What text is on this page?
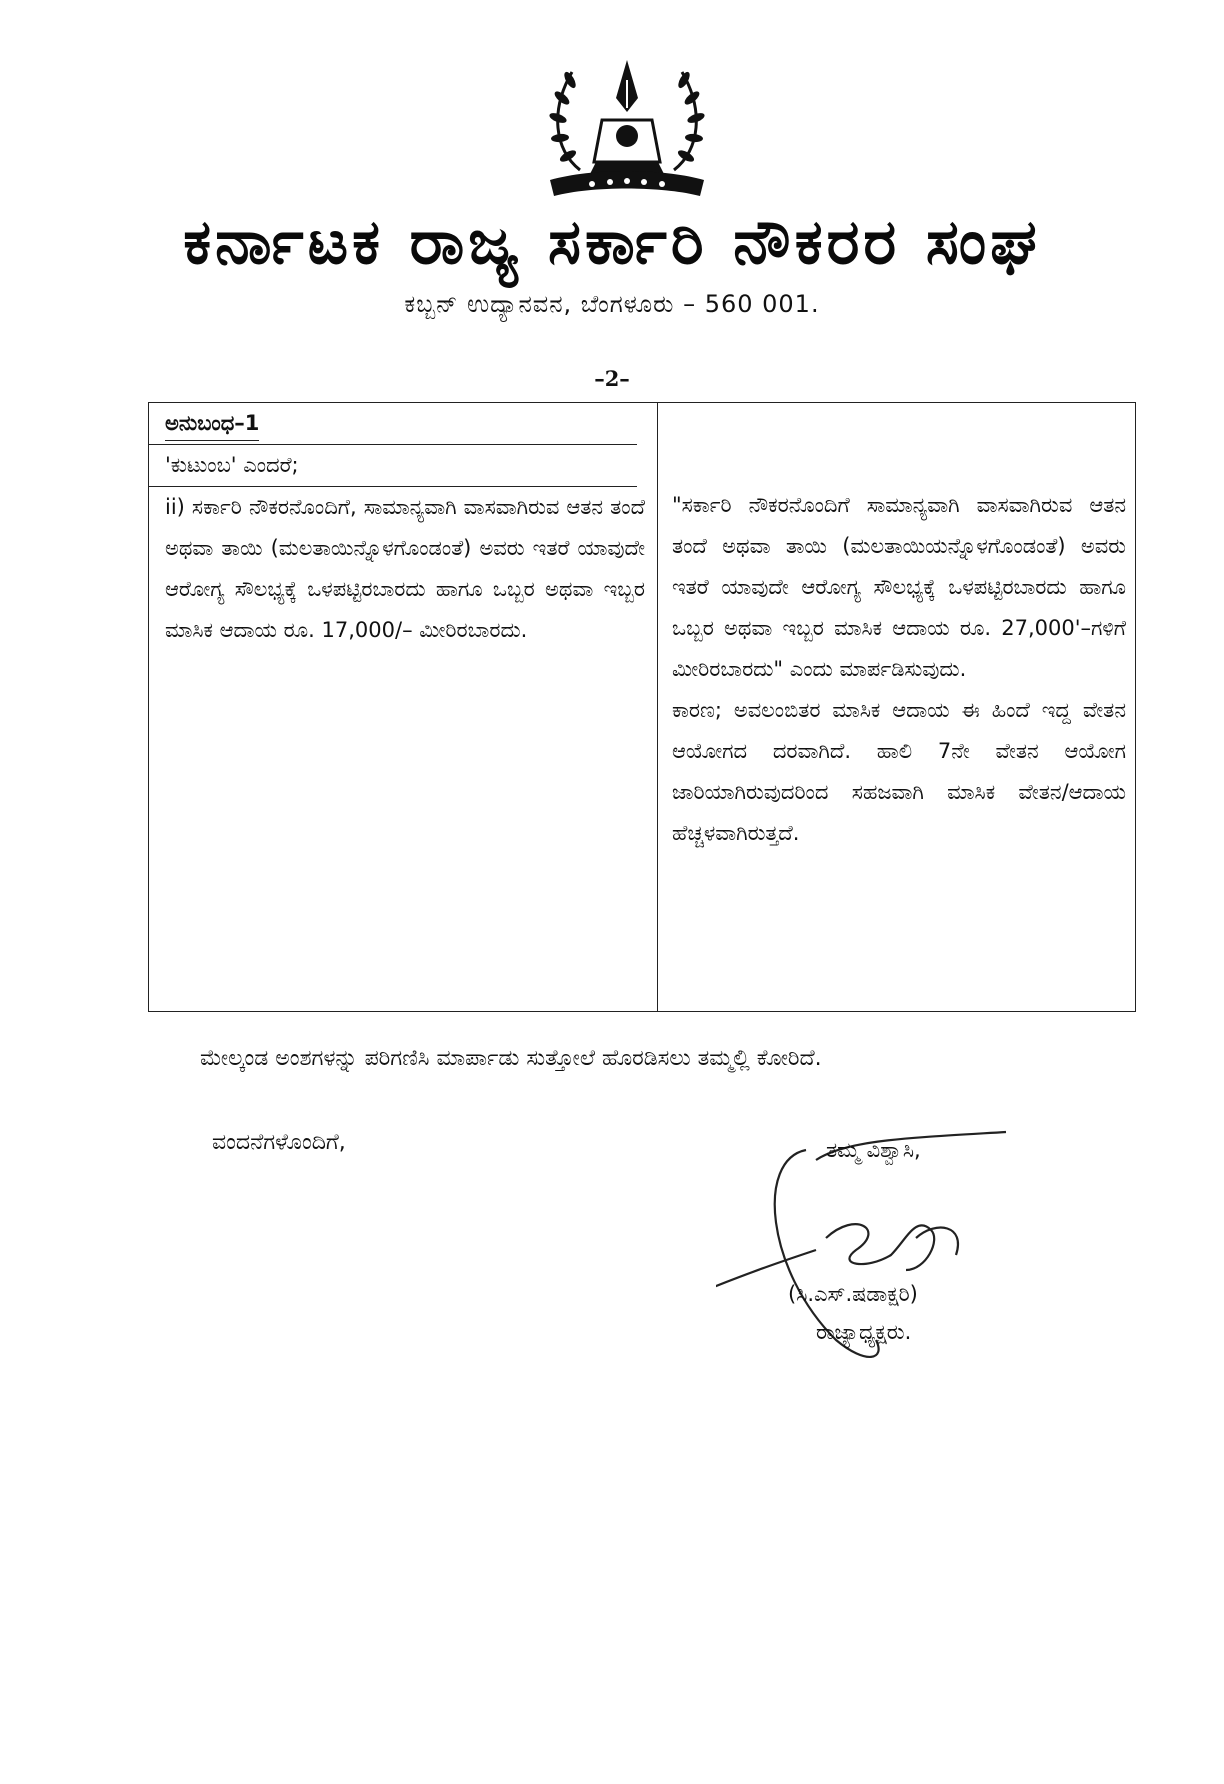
ಕರ್ನಾಟಕ ರಾಜ್ಯ ಸರ್ಕಾರಿ ನೌಕರರ ಸಂಘ
ಕಬ್ಬನ್ ಉದ್ಯಾನವನ, ಬೆಂಗಳೂರು – 560 001.
–2–
ಅನುಬಂಧ–1
'ಕುಟುಂಬ' ಎಂದರೆ;
ii) ಸರ್ಕಾರಿ ನೌಕರನೊಂದಿಗೆ, ಸಾಮಾನ್ಯವಾಗಿ ವಾಸವಾಗಿರುವ ಆತನ ತಂದೆ ಅಥವಾ ತಾಯಿ (ಮಲತಾಯಿನ್ನೊಳಗೊಂಡಂತೆ) ಅವರು ಇತರೆ ಯಾವುದೇ ಆರೋಗ್ಯ ಸೌಲಭ್ಯಕ್ಕೆ ಒಳಪಟ್ಟಿರಬಾರದು ಹಾಗೂ ಒಬ್ಬರ ಅಥವಾ ಇಬ್ಬರ ಮಾಸಿಕ ಆದಾಯ ರೂ. 17,000/– ಮೀರಿರಬಾರದು.
"ಸರ್ಕಾರಿ ನೌಕರನೊಂದಿಗೆ ಸಾಮಾನ್ಯವಾಗಿ ವಾಸವಾಗಿರುವ ಆತನ ತಂದೆ ಅಥವಾ ತಾಯಿ (ಮಲತಾಯಿಯನ್ನೊಳಗೊಂಡಂತೆ) ಅವರು ಇತರೆ ಯಾವುದೇ ಆರೋಗ್ಯ ಸೌಲಭ್ಯಕ್ಕೆ ಒಳಪಟ್ಟಿರಬಾರದು ಹಾಗೂ ಒಬ್ಬರ ಅಥವಾ ಇಬ್ಬರ ಮಾಸಿಕ ಆದಾಯ ರೂ. 27,000'–ಗಳಿಗೆ ಮೀರಿರಬಾರದು" ಎಂದು ಮಾರ್ಪಡಿಸುವುದು.
ಕಾರಣ; ಅವಲಂಬಿತರ ಮಾಸಿಕ ಆದಾಯ ಈ ಹಿಂದೆ ಇದ್ದ ವೇತನ ಆಯೋಗದ ದರವಾಗಿದೆ. ಹಾಲಿ 7ನೇ ವೇತನ ಆಯೋಗ ಜಾರಿಯಾಗಿರುವುದರಿಂದ ಸಹಜವಾಗಿ ಮಾಸಿಕ ವೇತನ/ಆದಾಯ ಹೆಚ್ಚಳವಾಗಿರುತ್ತದೆ.
ಮೇಲ್ಕಂಡ ಅಂಶಗಳನ್ನು ಪರಿಗಣಿಸಿ ಮಾರ್ಪಾಡು ಸುತ್ತೋಲೆ ಹೊರಡಿಸಲು ತಮ್ಮಲ್ಲಿ ಕೋರಿದೆ.
ವಂದನೆಗಳೊಂದಿಗೆ,	ತಮ್ಮ ವಿಶ್ವಾಸಿ,
(ಸಿ.ಎಸ್.ಷಡಾಕ್ಷರಿ)
ರಾಜ್ಯಾಧ್ಯಕ್ಷರು.
